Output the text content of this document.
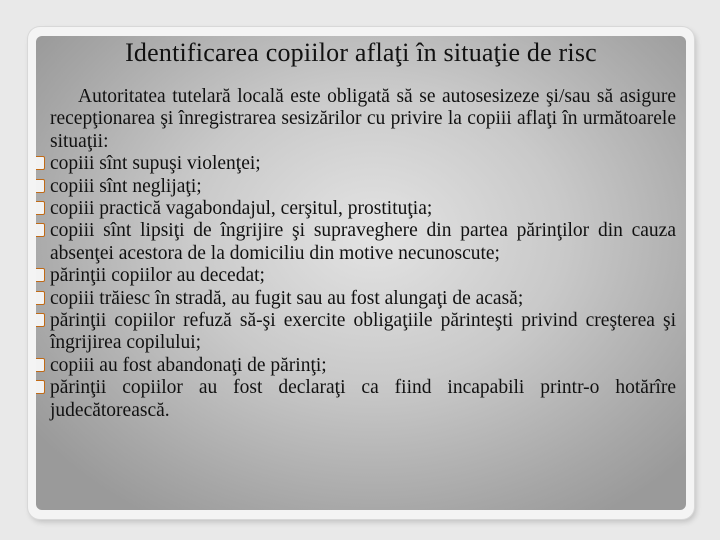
Identificarea copiilor aflaţi în situaţie de risc

Autoritatea tutelară locală este obligată să se autosesizeze şi/sau să asigure recepţionarea şi înregistrarea sesizărilor cu privire la copiii aflaţi în următoarele situaţii:

copiii sînt supuşi violenţei;

copiii sînt neglijaţi;

copiii practică vagabondajul, cerşitul, prostituţia;

copiii sînt lipsiţi de îngrijire şi supraveghere din partea părinţilor din cauza absenţei acestora de la domiciliu din motive necunoscute;

părinţii copiilor au decedat;

copiii trăiesc în stradă, au fugit sau au fost alungaţi de acasă;

părinţii copiilor refuză să-şi exercite obligaţiile părinteşti privind creşterea şi îngrijirea copilului;

copiii au fost abandonaţi de părinţi;

părinţii copiilor au fost declaraţi ca fiind incapabili printr-o hotărîre judecătorească.
